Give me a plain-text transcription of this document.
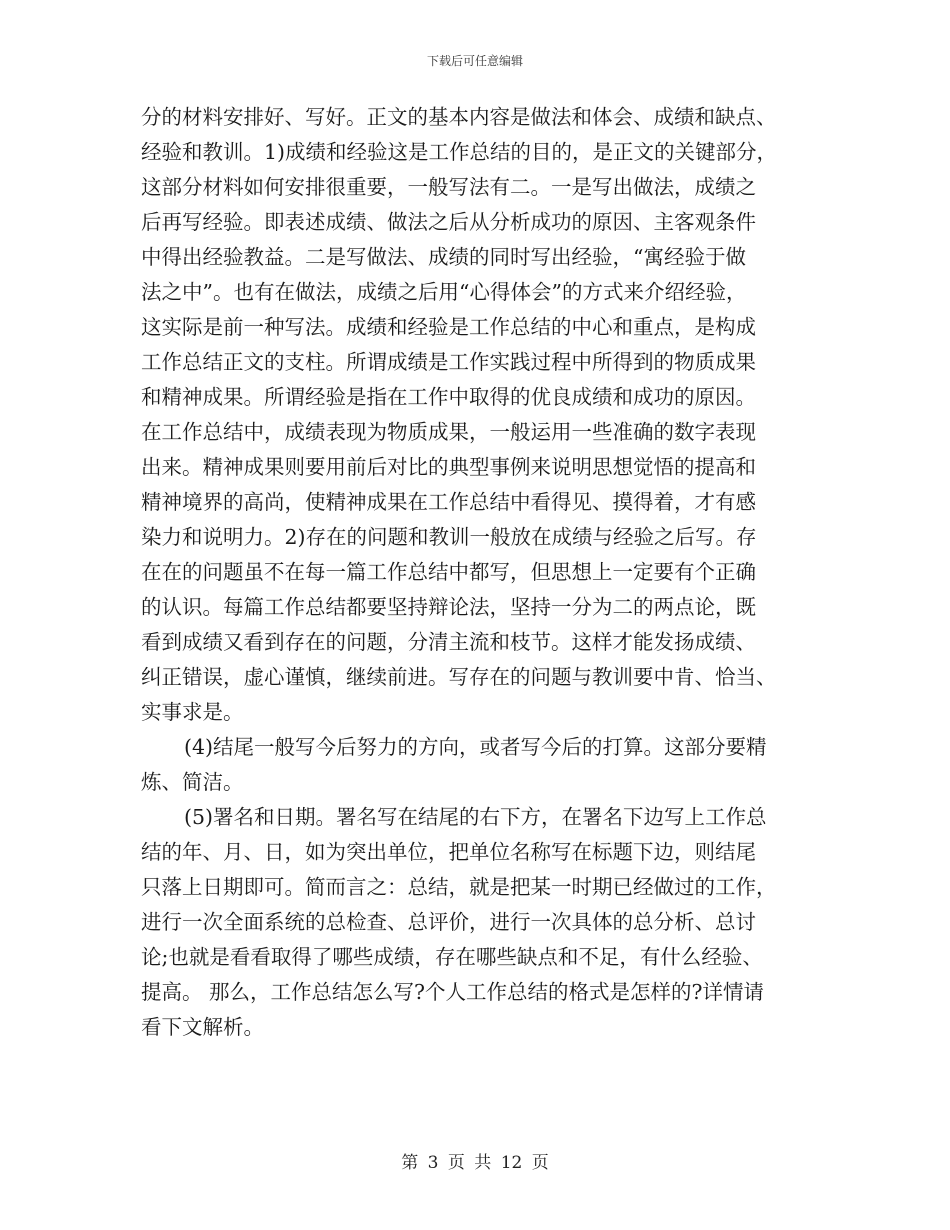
下载后可任意编辑
分的材料安排好、写好。正文的基本内容是做法和体会、成绩和缺点、
经验和教训。1)成绩和经验这是工作总结的目的，是正文的关键部分，
这部分材料如何安排很重要，一般写法有二。一是写出做法，成绩之
后再写经验。即表述成绩、做法之后从分析成功的原因、主客观条件
中得出经验教益。二是写做法、成绩的同时写出经验，“寓经验于做
法之中”。也有在做法，成绩之后用“心得体会”的方式来介绍经验，
这实际是前一种写法。成绩和经验是工作总结的中心和重点，是构成
工作总结正文的支柱。所谓成绩是工作实践过程中所得到的物质成果
和精神成果。所谓经验是指在工作中取得的优良成绩和成功的原因。
在工作总结中，成绩表现为物质成果，一般运用一些准确的数字表现
出来。精神成果则要用前后对比的典型事例来说明思想觉悟的提高和
精神境界的高尚，使精神成果在工作总结中看得见、摸得着，才有感
染力和说明力。2)存在的问题和教训一般放在成绩与经验之后写。存
在在的问题虽不在每一篇工作总结中都写，但思想上一定要有个正确
的认识。每篇工作总结都要坚持辩论法，坚持一分为二的两点论，既
看到成绩又看到存在的问题，分清主流和枝节。这样才能发扬成绩、
纠正错误，虚心谨慎，继续前进。写存在的问题与教训要中肯、恰当、
实事求是。
(4)结尾一般写今后努力的方向，或者写今后的打算。这部分要精
炼、简洁。
(5)署名和日期。署名写在结尾的右下方，在署名下边写上工作总
结的年、月、日，如为突出单位，把单位名称写在标题下边，则结尾
只落上日期即可。简而言之：总结，就是把某一时期已经做过的工作，
进行一次全面系统的总检查、总评价，进行一次具体的总分析、总讨
论;也就是看看取得了哪些成绩，存在哪些缺点和不足，有什么经验、
提高。 那么，工作总结怎么写?个人工作总结的格式是怎样的?详情请
看下文解析。
第 3 页 共 12 页
